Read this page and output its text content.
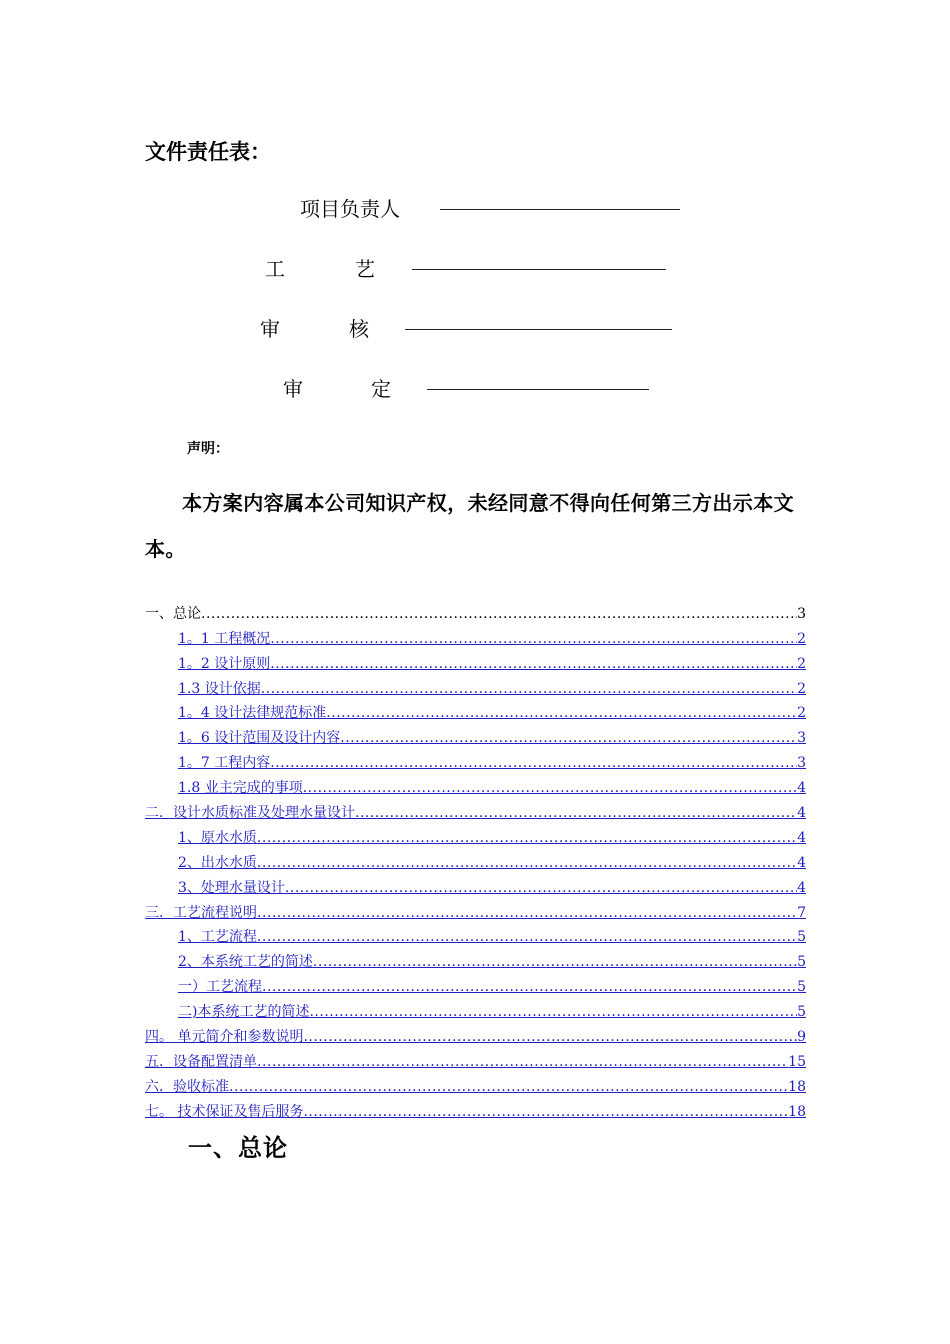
文件责任表：
项目负责人
工	艺
审	核
审	定
声明：
本方案内容属本公司知识产权，未经同意不得向任何第三方出示本文本。
一、总论 .....	3
1。1 工程概况 .....	2
1。2 设计原则 .....	2
1.3 设计依据 .....	2
1。4 设计法律规范标准 .....	2
1。6 设计范围及设计内容 .....	3
1。7 工程内容 .....	3
1.8 业主完成的事项 .....	4
二．设计水质标准及处理水量设计 .....	4
1、原水水质 .....	4
2、出水水质 .....	4
3、处理水量设计 .....	4
三．工艺流程说明 .....	7
1、工艺流程 .....	5
2、本系统工艺的简述 .....	5
一）工艺流程 .....	5
二)本系统工艺的简述 .....	5
四。 单元简介和参数说明 .....	9
五．设备配置清单 .....	15
六．验收标准 .....	18
七。 技术保证及售后服务 .....	18
一、总论
